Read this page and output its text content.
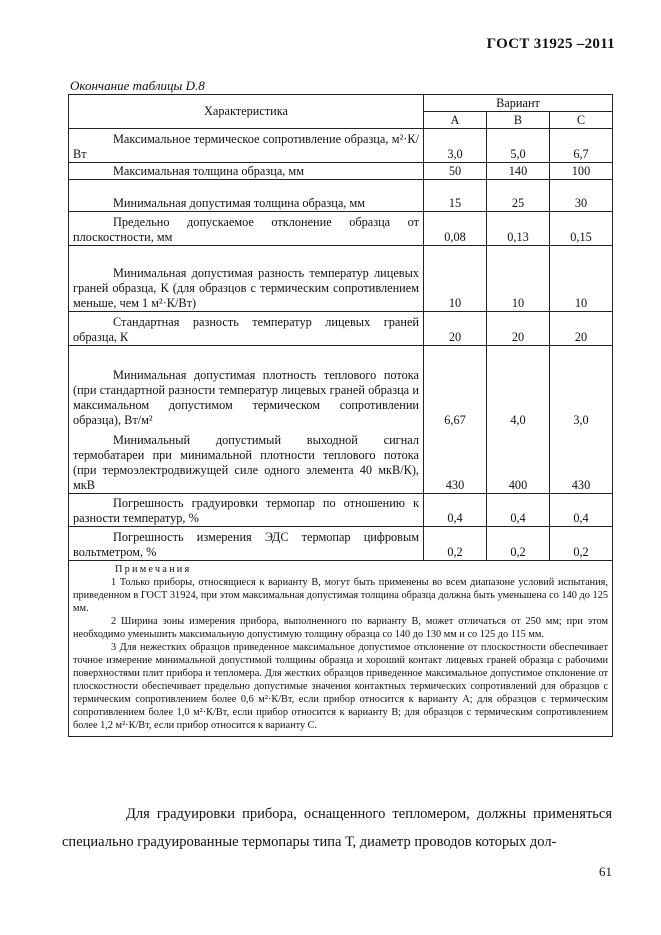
ГОСТ 31925 –2011
Окончание таблицы D.8
Характеристика	Вариант		
	А	В	С

Максимальное термическое сопротивление образца, м²·К/ Вт	3,0	5,0	6,7

Максимальная толщина образца, мм	50	140	100

Минимальная допустимая толщина образца, мм	15	25	30

Предельно допускаемое отклонение образца от плоскостности, мм	0,08	0,13	0,15

Минимальная допустимая разность температур лицевых граней образца, К (для образцов с термическим сопротивлением меньше, чем 1 м²·К/Вт)	10	10	10

Стандартная разность температур лицевых граней образца, К	20	20	20

Минимальная допустимая плотность теплового потока (при стандартной разности температур лицевых граней образца и максимальном допустимом термическом сопротивлении образца), Вт/м²	6,67	4,0	3,0

Минимальный допустимый выходной сигнал термобатареи при минимальной плотности теплового потока (при термоэлектродвижущей силе одного элемента 40 мкВ/К), мкВ	430	400	430

Погрешность градуировки термопар по отношению к разности температур, %	0,4	0,4	0,4

Погрешность измерения ЭДС термопар цифровым вольтметром, %	0,2	0,2	0,2

Примечания

1 Только приборы, относящиеся к варианту В, могут быть применены во всем диапазоне условий испытания, приведенном в ГОСТ 31924, при этом максимальная допустимая толщина образца должна быть уменьшена со 140 до 125 мм.

2 Ширина зоны измерения прибора, выполненного по варианту В, может отличаться от 250 мм; при этом необходимо уменьшить максимальную допустимую толщину образца со 140 до 130 мм и со 125 до 115 мм.

3 Для нежестких образцов приведенное максимальное допустимое отклонение от плоскостности обеспечивает точное измерение минимальной допустимой толщины образца и хороший контакт лицевых граней образца с рабочими поверхностями плит прибора и тепломера. Для жестких образцов приведенное максимальное допустимое отклонение от плоскостности обеспечивает предельно допустимые значения контактных термических сопротивлений для образцов с термическим сопротивлением более 0,6 м²·К/Вт, если прибор относится к варианту А; для образцов с термическим сопротивлением более 1,0 м²·К/Вт, если прибор относится к варианту В; для образцов с термическим сопротивлением более 1,2 м²·К/Вт, если прибор относится к варианту С.			

Для градуировки прибора, оснащенного тепломером, должны применяться специально градуированные термопары типа Т, диаметр проводов которых дол-

61
